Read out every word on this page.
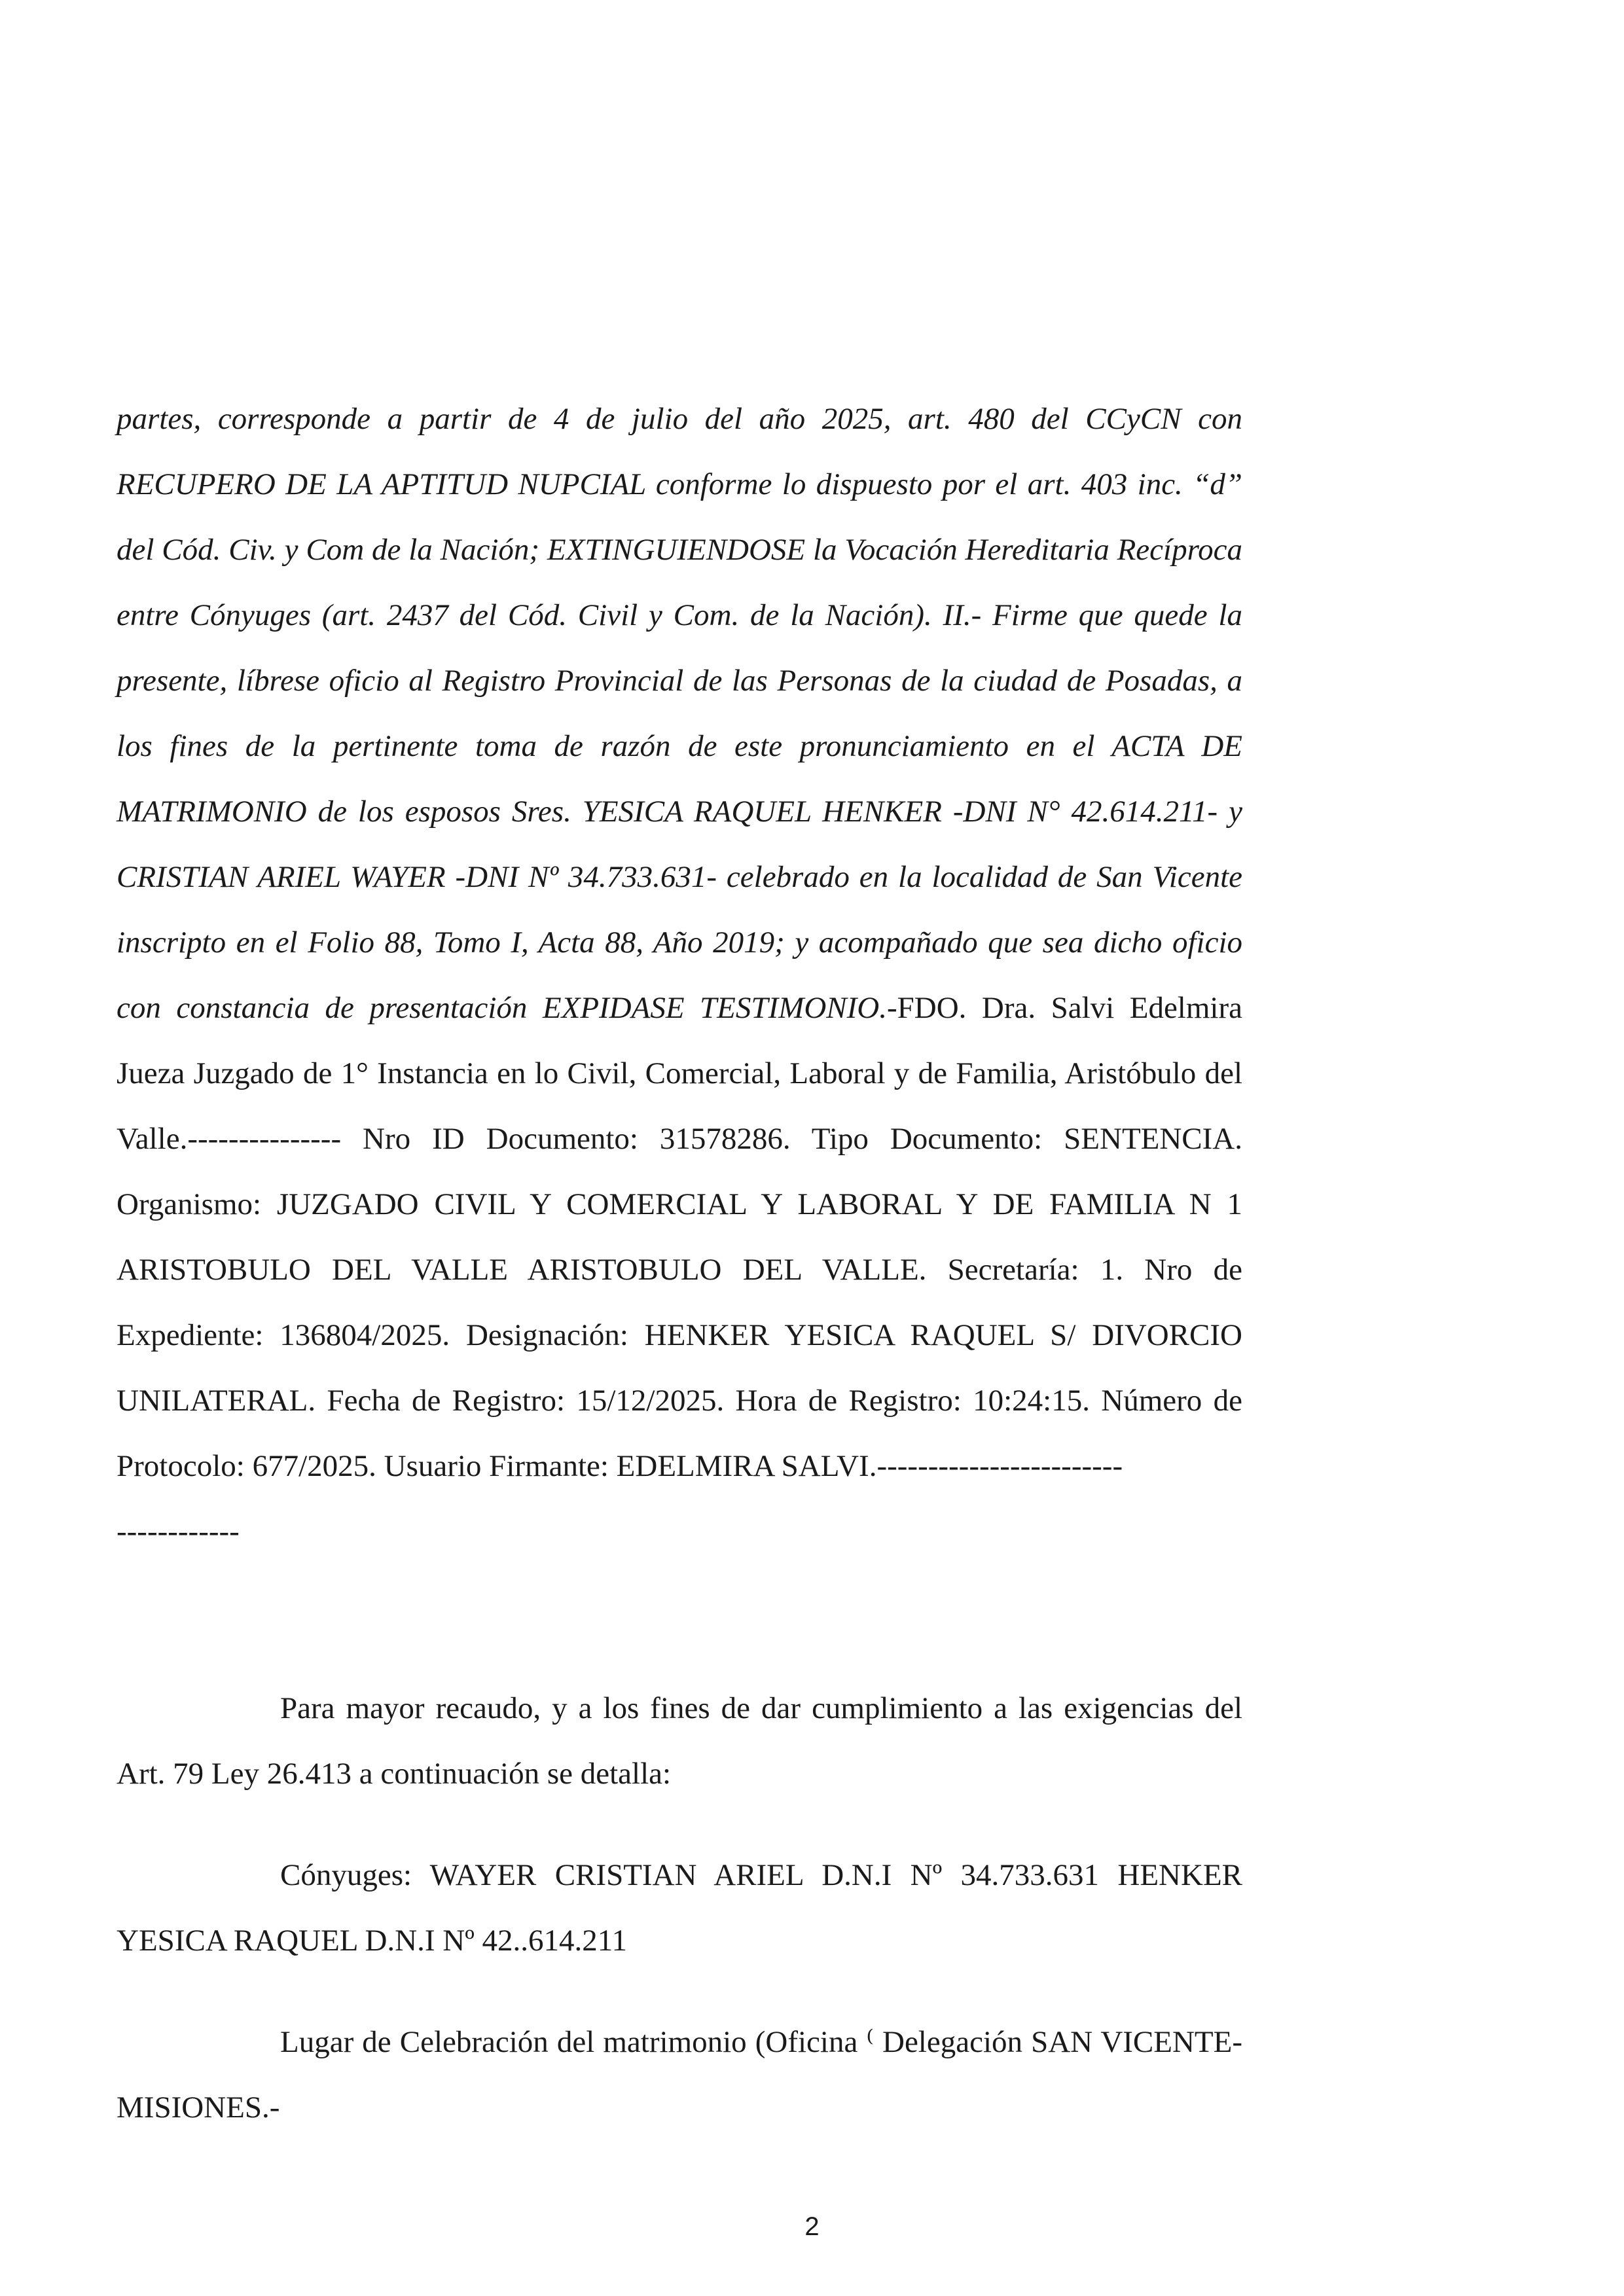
partes, corresponde a partir de 4 de julio del año 2025, art. 480 del CCyCN con RECUPERO DE LA APTITUD NUPCIAL conforme lo dispuesto por el art. 403 inc. “d” del Cód. Civ. y Com de la Nación; EXTINGUIENDOSE la Vocación Hereditaria Recíproca entre Cónyuges (art. 2437 del Cód. Civil y Com. de la Nación). II.- Firme que quede la presente, líbrese oficio al Registro Provincial de las Personas de la ciudad de Posadas, a los fines de la pertinente toma de razón de este pronunciamiento en el ACTA DE MATRIMONIO de los esposos Sres. YESICA RAQUEL HENKER -DNI N° 42.614.211- y CRISTIAN ARIEL WAYER -DNI Nº 34.733.631- celebrado en la localidad de San Vicente inscripto en el Folio 88, Tomo I, Acta 88, Año 2019; y acompañado que sea dicho oficio con constancia de presentación EXPIDASE TESTIMONIO.-FDO. Dra. Salvi Edelmira Jueza Juzgado de 1° Instancia en lo Civil, Comercial, Laboral y de Familia, Aristóbulo del Valle.--------------- Nro ID Documento: 31578286. Tipo Documento: SENTENCIA. Organismo: JUZGADO CIVIL Y COMERCIAL Y LABORAL Y DE FAMILIA N 1 ARISTOBULO DEL VALLE ARISTOBULO DEL VALLE. Secretaría: 1. Nro de Expediente: 136804/2025. Designación: HENKER YESICA RAQUEL S/ DIVORCIO UNILATERAL. Fecha de Registro: 15/12/2025. Hora de Registro: 10:24:15. Número de Protocolo: 677/2025. Usuario Firmante: EDELMIRA SALVI.------------------------
------------

Para mayor recaudo, y a los fines de dar cumplimiento a las exigencias del Art. 79 Ley 26.413 a continuación se detalla:

Cónyuges: WAYER CRISTIAN ARIEL D.N.I Nº 34.733.631 HENKER YESICA RAQUEL D.N.I Nº 42..614.211

Lugar de Celebración del matrimonio (Oficina ⁽ Delegación SAN VICENTE- MISIONES.-

2
